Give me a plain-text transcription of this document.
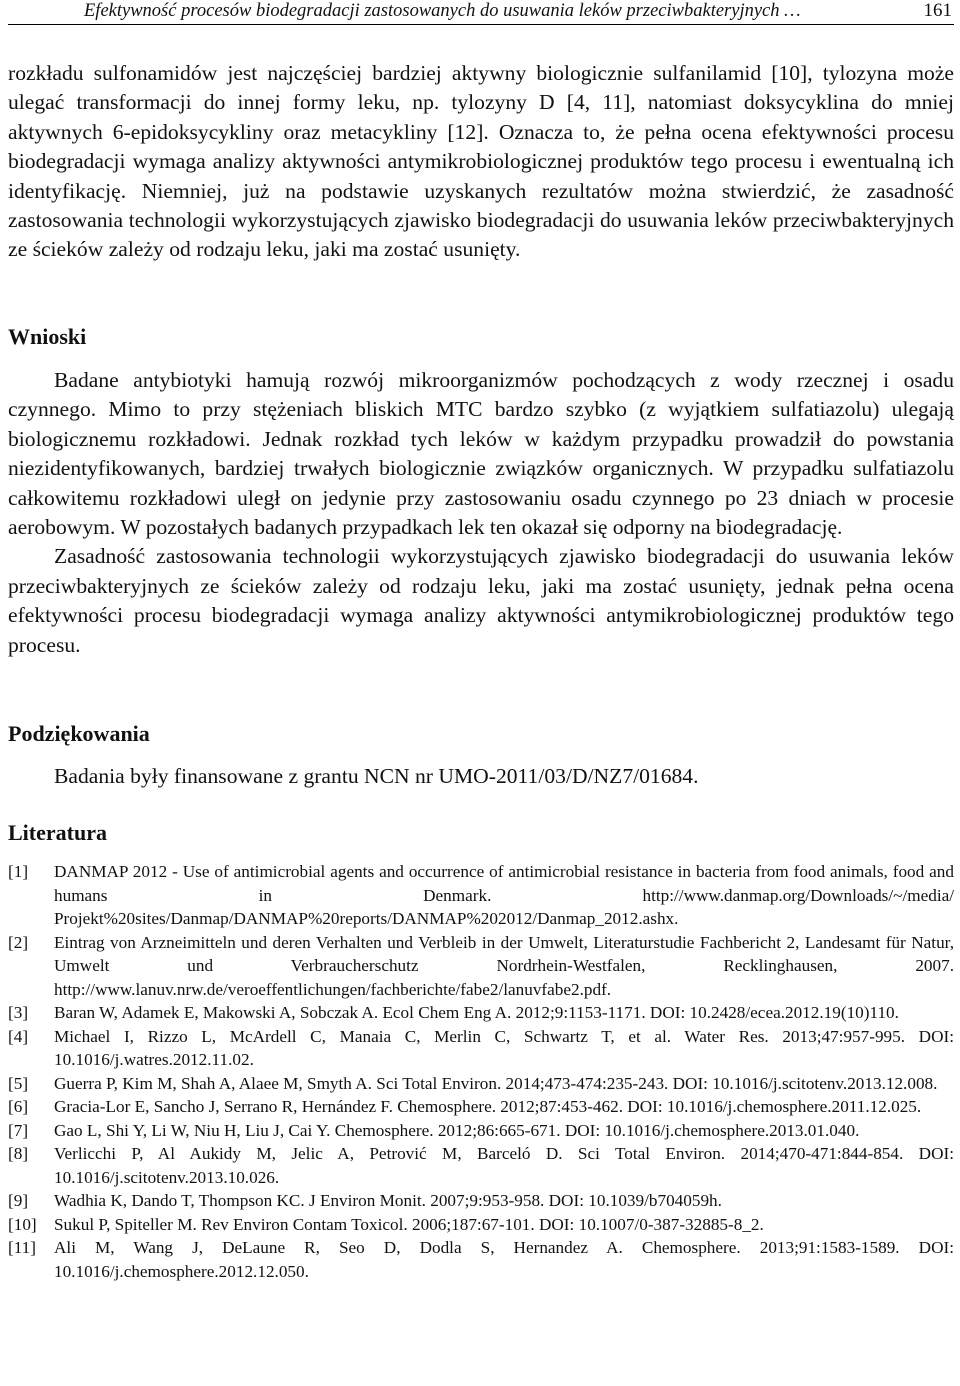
Efektywność procesów biodegradacji zastosowanych do usuwania leków przeciwbakteryjnych …	161

rozkładu sulfonamidów jest najczęściej bardziej aktywny biologicznie sulfanilamid [10], tylozyna może ulegać transformacji do innej formy leku, np. tylozyny D [4, 11], natomiast doksycyklina do mniej aktywnych 6-epidoksycykliny oraz metacykliny [12]. Oznacza to, że pełna ocena efektywności procesu biodegradacji wymaga analizy aktywności antymikrobiologicznej produktów tego procesu i ewentualną ich identyfikację. Niemniej, już na podstawie uzyskanych rezultatów można stwierdzić, że zasadność zastosowania technologii wykorzystujących zjawisko biodegradacji do usuwania leków przeciwbakteryjnych ze ścieków zależy od rodzaju leku, jaki ma zostać usunięty.

Wnioski

Badane antybiotyki hamują rozwój mikroorganizmów pochodzących z wody rzecznej i osadu czynnego. Mimo to przy stężeniach bliskich MTC bardzo szybko (z wyjątkiem sulfatiazolu) ulegają biologicznemu rozkładowi. Jednak rozkład tych leków w każdym przypadku prowadził do powstania niezidentyfikowanych, bardziej trwałych biologicznie związków organicznych. W przypadku sulfatiazolu całkowitemu rozkładowi uległ on jedynie przy zastosowaniu osadu czynnego po 23 dniach w procesie aerobowym. W pozostałych badanych przypadkach lek ten okazał się odporny na biodegradację.

Zasadność zastosowania technologii wykorzystujących zjawisko biodegradacji do usuwania leków przeciwbakteryjnych ze ścieków zależy od rodzaju leku, jaki ma zostać usunięty, jednak pełna ocena efektywności procesu biodegradacji wymaga analizy aktywności antymikrobiologicznej produktów tego procesu.

Podziękowania

Badania były finansowane z grantu NCN nr UMO-2011/03/D/NZ7/01684.

Literatura
[1] DANMAP 2012 - Use of antimicrobial agents and occurrence of antimicrobial resistance in bacteria from food animals, food and humans in Denmark. http://www.danmap.org/Downloads/~/media/ Projekt%20sites/Danmap/DANMAP%20reports/DANMAP%202012/Danmap_2012.ashx.
[2] Eintrag von Arzneimitteln und deren Verhalten und Verbleib in der Umwelt, Literaturstudie Fachbericht 2, Landesamt für Natur, Umwelt und Verbraucherschutz Nordrhein-Westfalen, Recklinghausen, 2007. http://www.lanuv.nrw.de/veroeffentlichungen/fachberichte/fabe2/lanuvfabe2.pdf.
[3] Baran W, Adamek E, Makowski A, Sobczak A. Ecol Chem Eng A. 2012;9:1153-1171. DOI: 10.2428/ecea.2012.19(10)110.
[4] Michael I, Rizzo L, McArdell C, Manaia C, Merlin C, Schwartz T, et al. Water Res. 2013;47:957-995. DOI: 10.1016/j.watres.2012.11.02.
[5] Guerra P, Kim M, Shah A, Alaee M, Smyth A. Sci Total Environ. 2014;473-474:235-243. DOI: 10.1016/j.scitotenv.2013.12.008.
[6] Gracia-Lor E, Sancho J, Serrano R, Hernández F. Chemosphere. 2012;87:453-462. DOI: 10.1016/j.chemosphere.2011.12.025.
[7] Gao L, Shi Y, Li W, Niu H, Liu J, Cai Y. Chemosphere. 2012;86:665-671. DOI: 10.1016/j.chemosphere.2013.01.040.
[8] Verlicchi P, Al Aukidy M, Jelic A, Petrović M, Barceló D. Sci Total Environ. 2014;470-471:844-854. DOI: 10.1016/j.scitotenv.2013.10.026.
[9] Wadhia K, Dando T, Thompson KC. J Environ Monit. 2007;9:953-958. DOI: 10.1039/b704059h.
[10] Sukul P, Spiteller M. Rev Environ Contam Toxicol. 2006;187:67-101. DOI: 10.1007/0-387-32885-8_2.
[11] Ali M, Wang J, DeLaune R, Seo D, Dodla S, Hernandez A. Chemosphere. 2013;91:1583-1589. DOI: 10.1016/j.chemosphere.2012.12.050.
